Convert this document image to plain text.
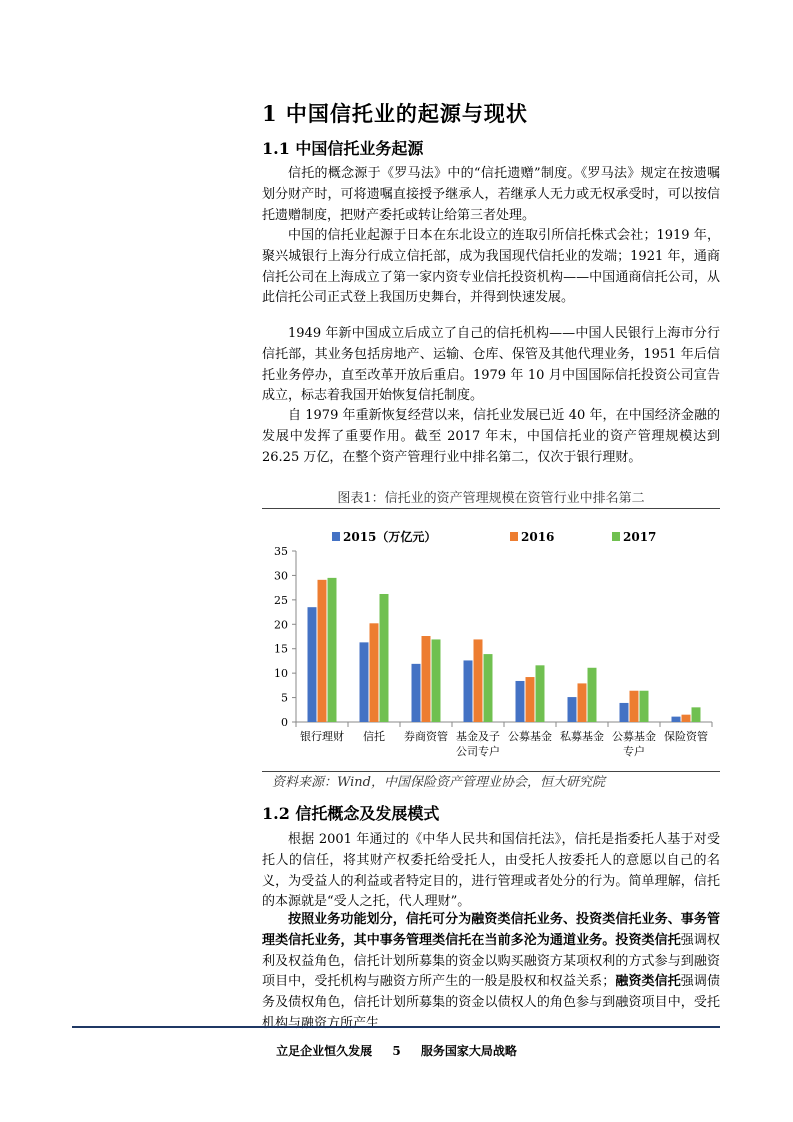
1 中国信托业的起源与现状
1.1 中国信托业务起源

信托的概念源于《罗马法》中的“信托遗赠”制度。《罗马法》规定在按遗嘱划分财产时，可将遗嘱直接授予继承人，若继承人无力或无权承受时，可以按信托遗赠制度，把财产委托或转让给第三者处理。

中国的信托业起源于日本在东北设立的连取引所信托株式会社；1919 年，聚兴城银行上海分行成立信托部，成为我国现代信托业的发端；1921 年，通商信托公司在上海成立了第一家内资专业信托投资机构——中国通商信托公司，从此信托公司正式登上我国历史舞台，并得到快速发展。

1949 年新中国成立后成立了自己的信托机构——中国人民银行上海市分行信托部，其业务包括房地产、运输、仓库、保管及其他代理业务，1951 年后信托业务停办，直至改革开放后重启。1979 年 10 月中国国际信托投资公司宣告成立，标志着我国开始恢复信托制度。

自 1979 年重新恢复经营以来，信托业发展已近 40 年，在中国经济金融的发展中发挥了重要作用。截至 2017 年末，中国信托业的资产管理规模达到 26.25 万亿，在整个资产管理行业中排名第二，仅次于银行理财。

图表1：信托业的资产管理规模在资管行业中排名第二
2015（万亿元）	2016	2017
0
5
10
15
20
25
30
35
银行理财 信托 券商资管 基金及子
公司专户
公募基金 私募基金 公募基金
专户
保险资管
资料来源：Wind，中国保险资产管理业协会，恒大研究院
1.2 信托概念及发展模式

根据 2001 年通过的《中华人民共和国信托法》，信托是指委托人基于对受托人的信任，将其财产权委托给受托人，由受托人按委托人的意愿以自己的名义，为受益人的利益或者特定目的，进行管理或者处分的行为。简单理解，信托的本源就是“受人之托，代人理财”。

按照业务功能划分，信托可分为融资类信托业务、投资类信托业务、事务管理类信托业务，其中事务管理类信托在当前多沦为通道业务。投资类信托强调权利及权益角色，信托计划所募集的资金以购买融资方某项权利的方式参与到融资项目中，受托机构与融资方所产生的一般是股权和权益关系；融资类信托强调债务及债权角色，信托计划所募集的资金以债权人的角色参与到融资项目中，受托机构与融资方所产生

立足企业恒久发展 5 服务国家大局战略
